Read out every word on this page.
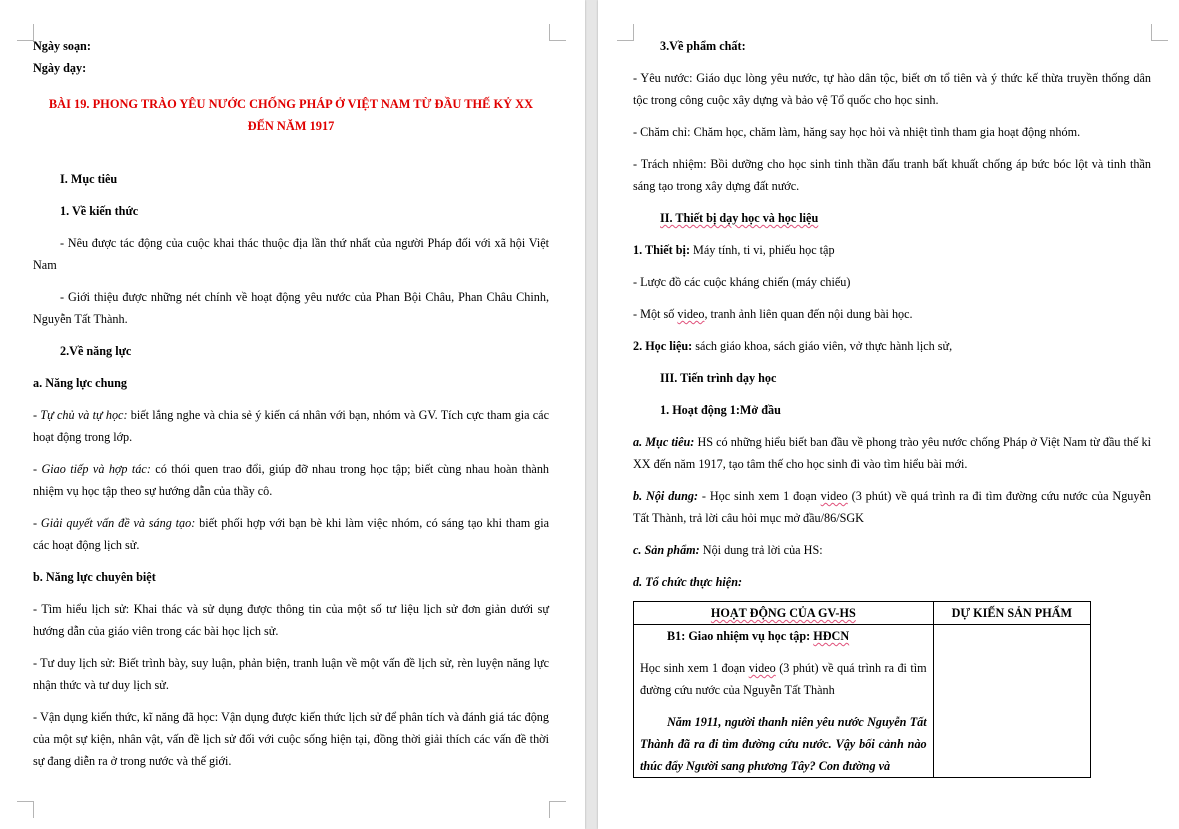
Ngày soạn:

Ngày dạy:

BÀI 19. PHONG TRÀO YÊU NƯỚC CHỐNG PHÁP Ở VIỆT NAM TỪ ĐẦU THẾ KỶ XX
ĐẾN NĂM 1917

I. Mục tiêu

1. Về kiến thức

- Nêu được tác động của cuộc khai thác thuộc địa lần thứ nhất của người Pháp đối với xã hội Việt Nam

- Giới thiệu được những nét chính về hoạt động yêu nước của Phan Bội Châu, Phan Châu Chinh, Nguyễn Tất Thành.

2.Về năng lực

a. Năng lực chung

- Tự chủ và tự học: biết lắng nghe và chia sẻ ý kiến cá nhân với bạn, nhóm và GV. Tích cực tham gia các hoạt động trong lớp.

- Giao tiếp và hợp tác: có thói quen trao đổi, giúp đỡ nhau trong học tập; biết cùng nhau hoàn thành nhiệm vụ học tập theo sự hướng dẫn của thầy cô.

- Giải quyết vấn đề và sáng tạo: biết phối hợp với bạn bè khi làm việc nhóm, có sáng tạo khi tham gia các hoạt động lịch sử.

b. Năng lực chuyên biệt

- Tìm hiểu lịch sử: Khai thác và sử dụng được thông tin của một số tư liệu lịch sử đơn giản dưới sự hướng dẫn của giáo viên trong các bài học lịch sử.

- Tư duy lịch sử: Biết trình bày, suy luận, phản biện, tranh luận về một vấn đề lịch sử, rèn luyện năng lực nhận thức và tư duy lịch sử.

- Vận dụng kiến thức, kĩ năng đã học: Vận dụng được kiến thức lịch sử để phân tích và đánh giá tác động của một sự kiện, nhân vật, vấn đề lịch sử đối với cuộc sống hiện tại, đồng thời giải thích các vấn đề thời sự đang diễn ra ở trong nước và thế giới.

3.Về phẩm chất:

- Yêu nước: Giáo dục lòng yêu nước, tự hào dân tộc, biết ơn tổ tiên và ý thức kế thừa truyền thống dân tộc trong công cuộc xây dựng và bảo vệ Tổ quốc cho học sinh.

- Chăm chỉ: Chăm học, chăm làm, hăng say học hỏi và nhiệt tình tham gia hoạt động nhóm.

- Trách nhiệm: Bồi dưỡng cho học sinh tinh thần đấu tranh bất khuất chống áp bức bóc lột và tinh thần sáng tạo trong xây dựng đất nước.

II. Thiết bị dạy học và học liệu

1. Thiết bị: Máy tính, ti vi, phiếu học tập

- Lược đồ các cuộc kháng chiến (máy chiếu)

- Một số video, tranh ảnh liên quan đến nội dung bài học.

2. Học liệu: sách giáo khoa, sách giáo viên, vở thực hành lịch sử,

III. Tiến trình dạy học

1. Hoạt động 1:Mở đầu

a. Mục tiêu: HS có những hiểu biết ban đầu về phong trào yêu nước chống Pháp ở Việt Nam từ đầu thế kỉ XX đến năm 1917, tạo tâm thế cho học sinh đi vào tìm hiểu bài mới.

b. Nội dung: - Học sinh xem 1 đoạn video (3 phút) về quá trình ra đi tìm đường cứu nước của Nguyễn Tất Thành, trả lời câu hỏi mục mở đầu/86/SGK

c. Sản phẩm: Nội dung trả lời của HS:

d. Tổ chức thực hiện:

HOẠT ĐỘNG CỦA GV-HS	DỰ KIẾN SẢN PHẨM

B1: Giao nhiệm vụ học tập: HĐCN

Học sinh xem 1 đoạn video (3 phút) về quá trình ra đi tìm đường cứu nước của Nguyễn Tất Thành

Năm 1911, người thanh niên yêu nước Nguyễn Tất Thành đã ra đi tìm đường cứu nước. Vậy bối cảnh nào thúc đẩy Người sang phương Tây? Con đường và	
